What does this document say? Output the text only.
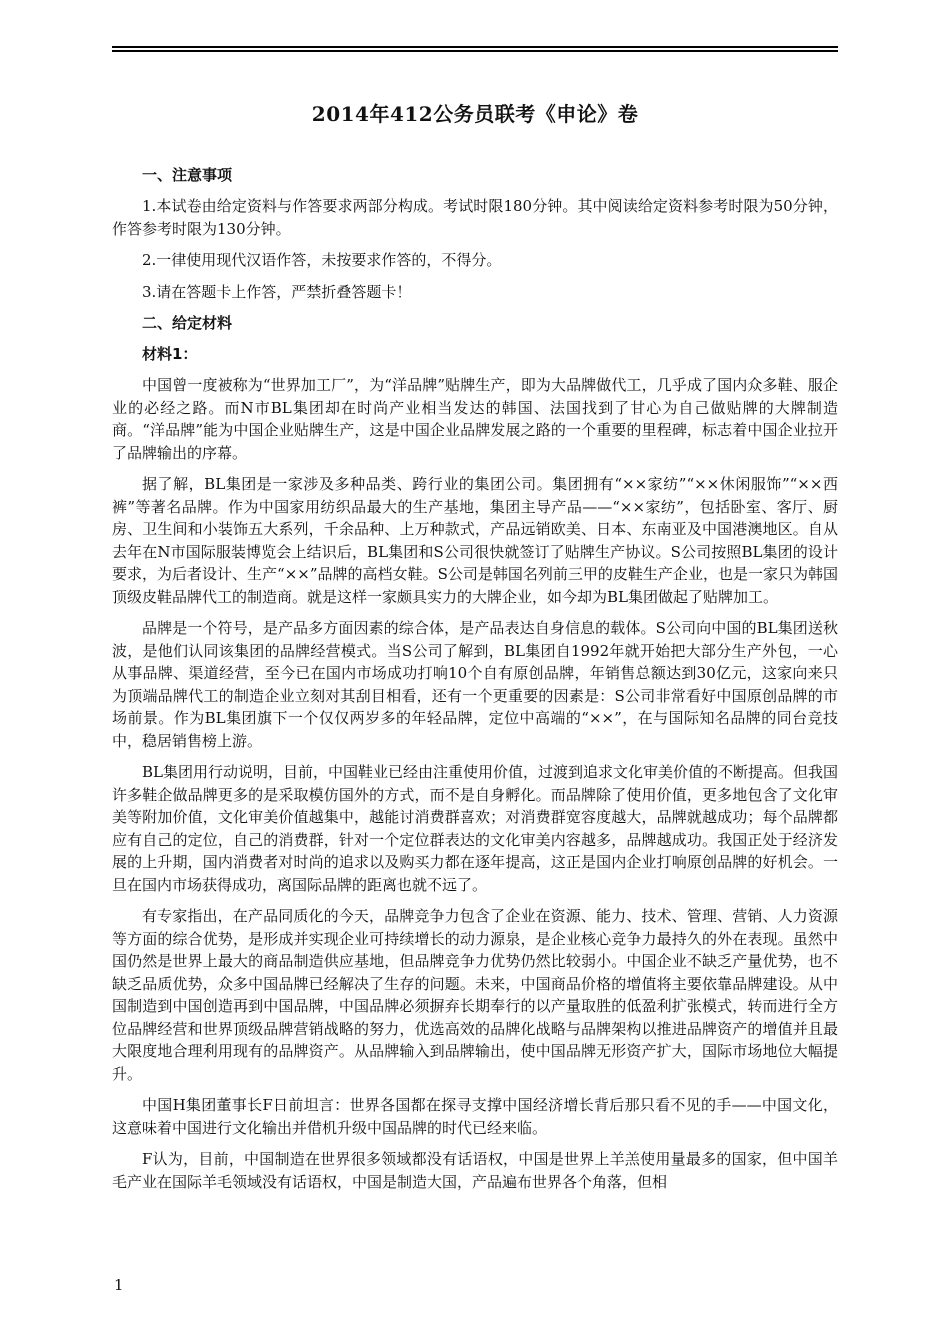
2014年412公务员联考《申论》卷
一、注意事项

1.本试卷由给定资料与作答要求两部分构成。考试时限180分钟。其中阅读给定资料参考时限为50分钟，作答参考时限为130分钟。

2.一律使用现代汉语作答，未按要求作答的，不得分。

3.请在答题卡上作答，严禁折叠答题卡！

二、给定材料
材料1：

中国曾一度被称为“世界加工厂”，为“洋品牌”贴牌生产，即为大品牌做代工，几乎成了国内众多鞋、服企业的必经之路。而N市BL集团却在时尚产业相当发达的韩国、法国找到了甘心为自己做贴牌的大牌制造商。“洋品牌”能为中国企业贴牌生产，这是中国企业品牌发展之路的一个重要的里程碑，标志着中国企业拉开了品牌输出的序幕。

据了解，BL集团是一家涉及多种品类、跨行业的集团公司。集团拥有“××家纺”“××休闲服饰”“××西裤”等著名品牌。作为中国家用纺织品最大的生产基地，集团主导产品——“××家纺”，包括卧室、客厅、厨房、卫生间和小装饰五大系列，千余品种、上万种款式，产品远销欧美、日本、东南亚及中国港澳地区。自从去年在N市国际服装博览会上结识后，BL集团和S公司很快就签订了贴牌生产协议。S公司按照BL集团的设计要求，为后者设计、生产“××”品牌的高档女鞋。S公司是韩国名列前三甲的皮鞋生产企业，也是一家只为韩国顶级皮鞋品牌代工的制造商。就是这样一家颇具实力的大牌企业，如今却为BL集团做起了贴牌加工。

品牌是一个符号，是产品多方面因素的综合体，是产品表达自身信息的载体。S公司向中国的BL集团送秋波，是他们认同该集团的品牌经营模式。当S公司了解到，BL集团自1992年就开始把大部分生产外包，一心从事品牌、渠道经营，至今已在国内市场成功打响10个自有原创品牌，年销售总额达到30亿元，这家向来只为顶端品牌代工的制造企业立刻对其刮目相看，还有一个更重要的因素是：S公司非常看好中国原创品牌的市场前景。作为BL集团旗下一个仅仅两岁多的年轻品牌，定位中高端的“××”，在与国际知名品牌的同台竞技中，稳居销售榜上游。

BL集团用行动说明，目前，中国鞋业已经由注重使用价值，过渡到追求文化审美价值的不断提高。但我国许多鞋企做品牌更多的是采取模仿国外的方式，而不是自身孵化。而品牌除了使用价值，更多地包含了文化审美等附加价值，文化审美价值越集中，越能讨消费群喜欢；对消费群宽容度越大，品牌就越成功；每个品牌都应有自己的定位，自己的消费群，针对一个定位群表达的文化审美内容越多，品牌越成功。我国正处于经济发展的上升期，国内消费者对时尚的追求以及购买力都在逐年提高，这正是国内企业打响原创品牌的好机会。一旦在国内市场获得成功，离国际品牌的距离也就不远了。

有专家指出，在产品同质化的今天，品牌竞争力包含了企业在资源、能力、技术、管理、营销、人力资源等方面的综合优势，是形成并实现企业可持续增长的动力源泉，是企业核心竞争力最持久的外在表现。虽然中国仍然是世界上最大的商品制造供应基地，但品牌竞争力优势仍然比较弱小。中国企业不缺乏产量优势，也不缺乏品质优势，众多中国品牌已经解决了生存的问题。未来，中国商品价格的增值将主要依靠品牌建设。从中国制造到中国创造再到中国品牌，中国品牌必须摒弃长期奉行的以产量取胜的低盈利扩张模式，转而进行全方位品牌经营和世界顶级品牌营销战略的努力，优选高效的品牌化战略与品牌架构以推进品牌资产的增值并且最大限度地合理利用现有的品牌资产。从品牌输入到品牌输出，使中国品牌无形资产扩大，国际市场地位大幅提升。

中国H集团董事长F日前坦言：世界各国都在探寻支撑中国经济增长背后那只看不见的手——中国文化，这意味着中国进行文化输出并借机升级中国品牌的时代已经来临。

F认为，目前，中国制造在世界很多领域都没有话语权，中国是世界上羊羔使用量最多的国家，但中国羊毛产业在国际羊毛领域没有话语权，中国是制造大国，产品遍布世界各个角落，但相

1
